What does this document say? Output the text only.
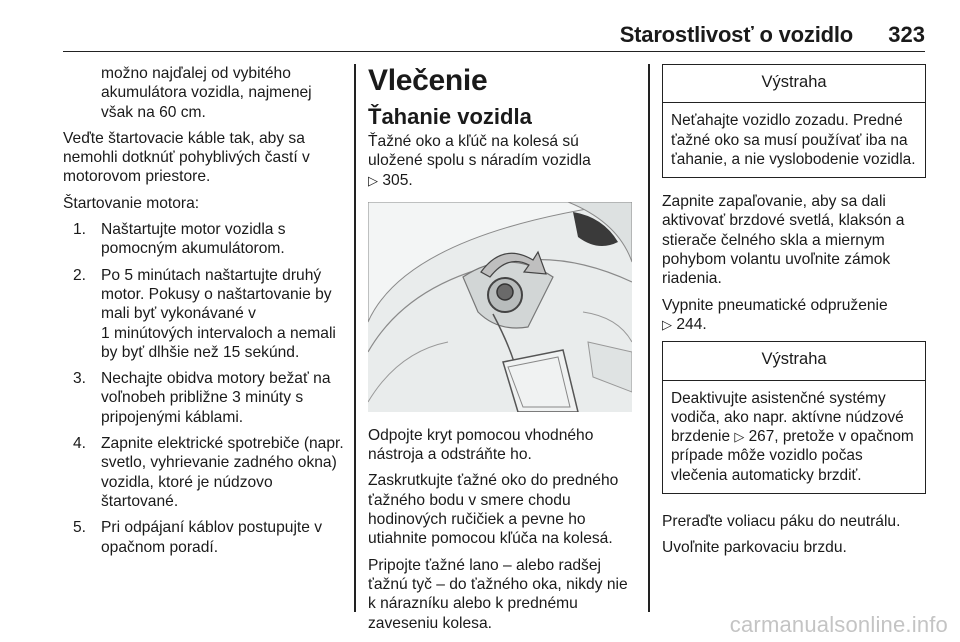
Starostlivosť o vozidlo 323

možno najďalej od vybitého akumulátora vozidla, najmenej však na 60 cm.

Veďte štartovacie káble tak, aby sa nemohli dotknúť pohyblivých častí v motorovom priestore.

Štartovanie motora:

1. Naštartujte motor vozidla s pomocným akumulátorom.
2. Po 5 minútach naštartujte druhý motor. Pokusy o naštartovanie by mali byť vykonávané v 1 minútových intervaloch a nemali by byť dlhšie než 15 sekúnd.
3. Nechajte obidva motory bežať na voľnobeh približne 3 minúty s pripojenými káblami.
4. Zapnite elektrické spotrebiče (napr. svetlo, vyhrievanie zadného okna) vozidla, ktoré je núdzovo štartované.
5. Pri odpájaní káblov postupujte v opačnom poradí.
Vlečenie
Ťahanie vozidla

Ťažné oko a kľúč na kolesá sú uložené spolu s náradím vozidla
▷ 305.

Odpojte kryt pomocou vhodného nástroja a odstráňte ho.

Zaskrutkujte ťažné oko do predného ťažného bodu v smere chodu hodinových ručičiek a pevne ho utiahnite pomocou kľúča na kolesá.

Pripojte ťažné lano – alebo radšej ťažnú tyč – do ťažného oka, nikdy nie k nárazníku alebo k prednému zaveseniu kolesa.

Výstraha
Neťahajte vozidlo zozadu. Predné ťažné oko sa musí používať iba na ťahanie, a nie vyslobodenie vozidla.

Zapnite zapaľovanie, aby sa dali aktivovať brzdové svetlá, klaksón a stierače čelného skla a miernym pohybom volantu uvoľnite zámok riadenia.

Vypnite pneumatické odpruženie
▷ 244.

Výstraha
Deaktivujte asistenčné systémy vodiča, ako napr. aktívne núdzové brzdenie ▷ 267, pretože v opačnom prípade môže vozidlo počas vlečenia automaticky brzdiť.

Preraďte voliacu páku do neutrálu.

Uvoľnite parkovaciu brzdu.

carmanualsonline.info
